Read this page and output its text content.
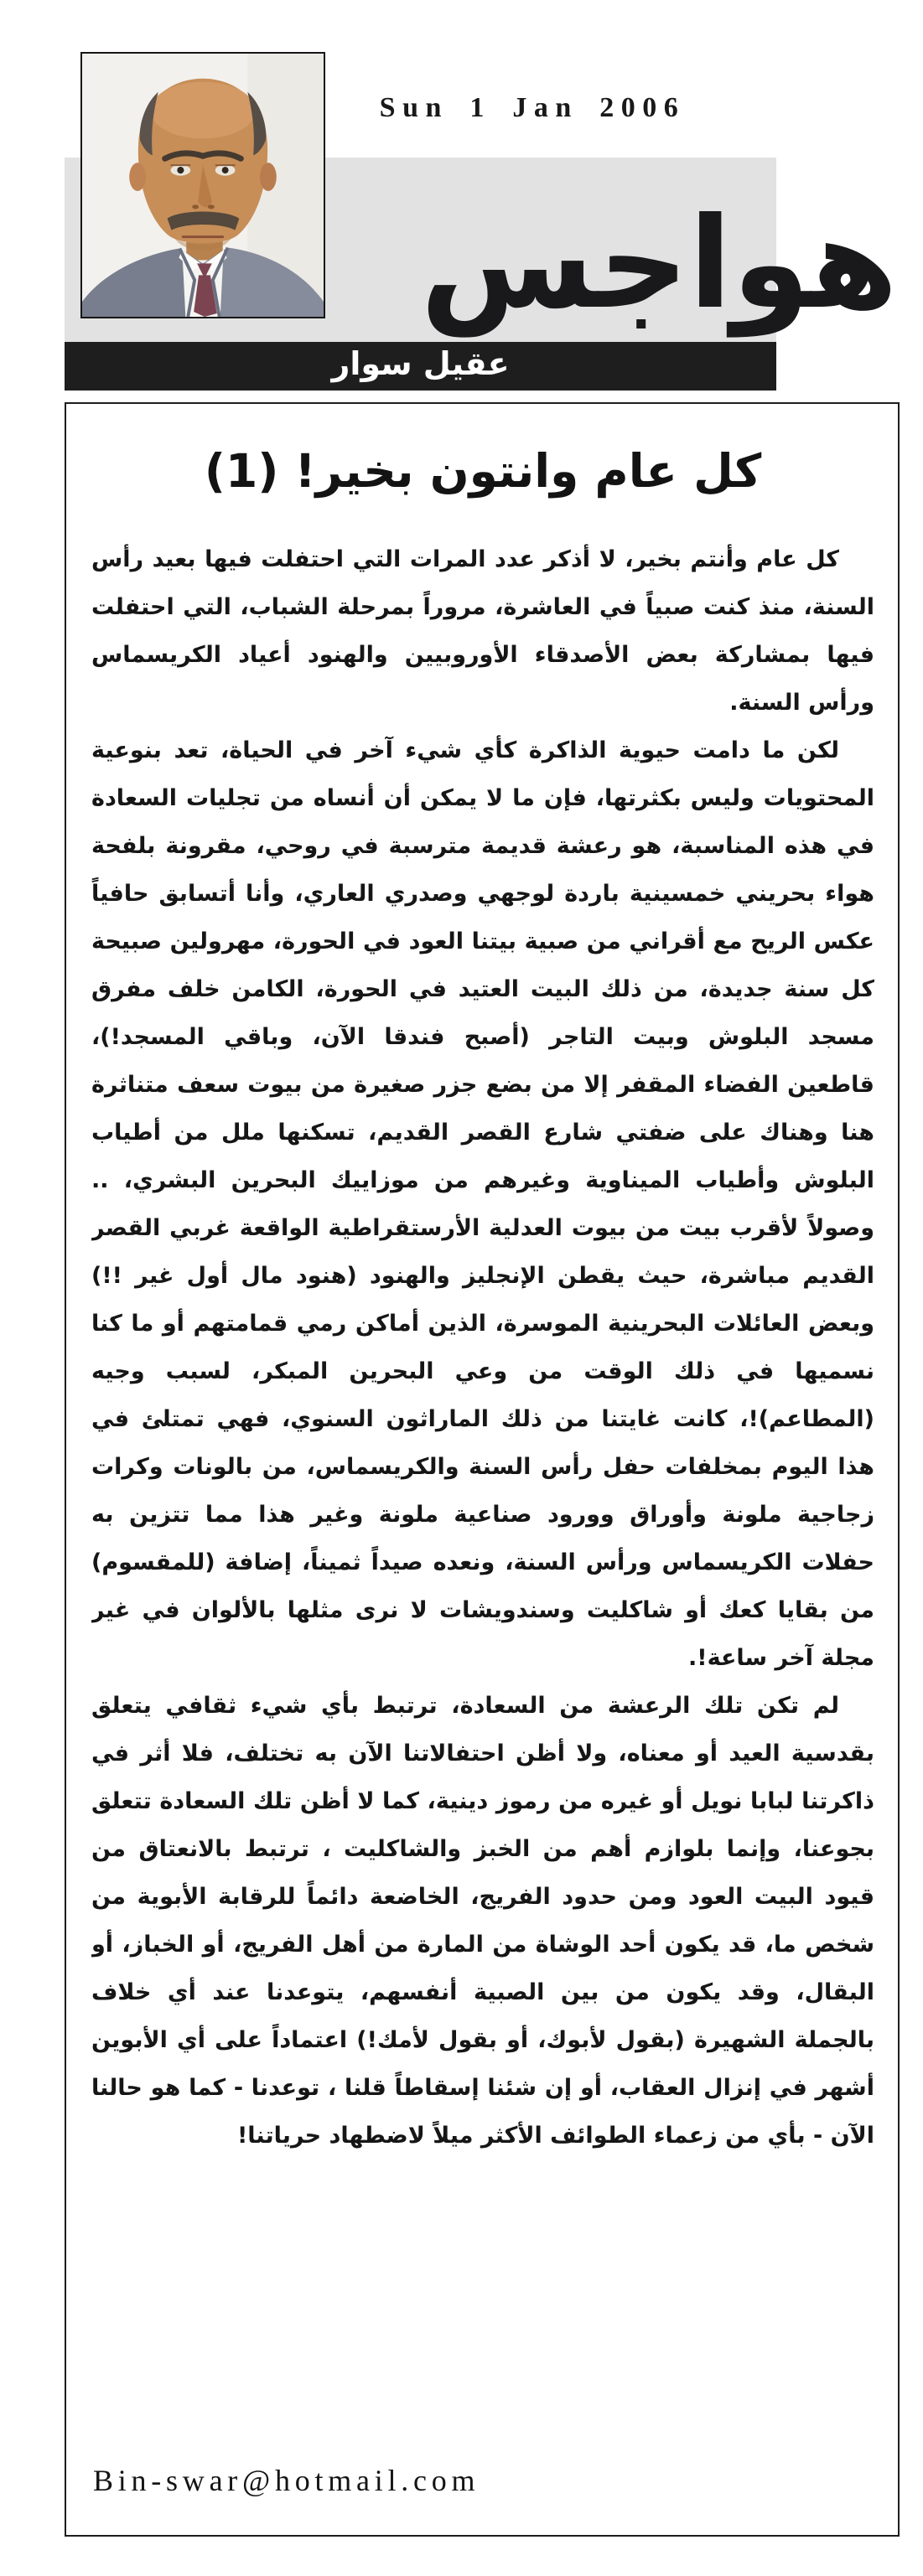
Sun 1 Jan 2006
هواجس
عقيل سوار
كل عام وانتون بخير! (1)

كل عام وأنتم بخير، لا أذكر عدد المرات التي احتفلت فيها بعيد رأس السنة، منذ كنت صبياً في العاشرة، مروراً بمرحلة الشباب، التي احتفلت فيها بمشاركة بعض الأصدقاء الأوروبيين والهنود أعياد الكريسماس ورأس السنة.

لكن ما دامت حيوية الذاكرة كأي شيء آخر في الحياة، تعد بنوعية المحتويات وليس بكثرتها، فإن ما لا يمكن أن أنساه من تجليات السعادة في هذه المناسبة، هو رعشة قديمة مترسبة في روحي، مقرونة بلفحة هواء بحريني خمسينية باردة لوجهي وصدري العاري، وأنا أتسابق حافياً عكس الريح مع أقراني من صبية بيتنا العود في الحورة، مهرولين صبيحة كل سنة جديدة، من ذلك البيت العتيد في الحورة، الكامن خلف مفرق مسجد البلوش وبيت التاجر (أصبح فندقا الآن، وباقي المسجد!)، قاطعين الفضاء المقفر إلا من بضع جزر صغيرة من بيوت سعف متناثرة هنا وهناك على ضفتي شارع القصر القديم، تسكنها ملل من أطياب البلوش وأطياب الميناوية وغيرهم من موزاييك البحرين البشري، .. وصولاً لأقرب بيت من بيوت العدلية الأرستقراطية الواقعة غربي القصر القديم مباشرة، حيث يقطن الإنجليز والهنود (هنود مال أول غير !!) وبعض العائلات البحرينية الموسرة، الذين أماكن رمي قمامتهم أو ما كنا نسميها في ذلك الوقت من وعي البحرين المبكر، لسبب وجيه (المطاعم)!، كانت غايتنا من ذلك الماراثون السنوي، فهي تمتلئ في هذا اليوم بمخلفات حفل رأس السنة والكريسماس، من بالونات وكرات زجاجية ملونة وأوراق وورود صناعية ملونة وغير هذا مما تتزين به حفلات الكريسماس ورأس السنة، ونعده صيداً ثميناً، إضافة (للمقسوم) من بقايا كعك أو شاكليت وسندويشات لا نرى مثلها بالألوان في غير مجلة آخر ساعة!.

لم تكن تلك الرعشة من السعادة، ترتبط بأي شيء ثقافي يتعلق بقدسية العيد أو معناه، ولا أظن احتفالاتنا الآن به تختلف، فلا أثر في ذاكرتنا لبابا نويل أو غيره من رموز دينية، كما لا أظن تلك السعادة تتعلق بجوعنا، وإنما بلوازم أهم من الخبز والشاكليت ، ترتبط بالانعتاق من قيود البيت العود ومن حدود الفريج، الخاضعة دائماً للرقابة الأبوية من شخص ما، قد يكون أحد الوشاة من المارة من أهل الفريج، أو الخباز، أو البقال، وقد يكون من بين الصبية أنفسهم، يتوعدنا عند أي خلاف بالجملة الشهيرة (بقول لأبوك، أو بقول لأمك!) اعتماداً على أي الأبوين أشهر في إنزال العقاب، أو إن شئنا إسقاطاً قلنا ، توعدنا - كما هو حالنا الآن - بأي من زعماء الطوائف الأكثر ميلاً لاضطهاد حرياتنا!

Bin-swar@hotmail.com
